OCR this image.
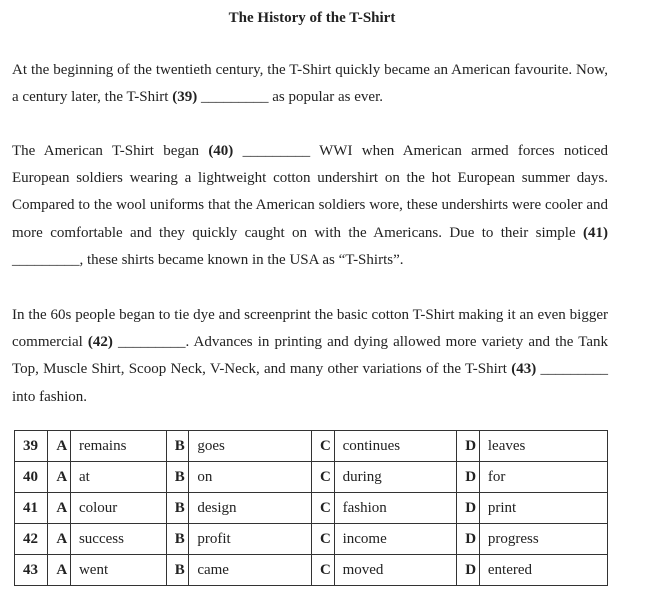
The History of the T-Shirt
At the beginning of the twentieth century, the T-Shirt quickly became an American favourite. Now, a century later, the T-Shirt (39) _________ as popular as ever.
The American T-Shirt began (40) _________ WWI when American armed forces noticed European soldiers wearing a lightweight cotton undershirt on the hot European summer days. Compared to the wool uniforms that the American soldiers wore, these undershirts were cooler and more comfortable and they quickly caught on with the Americans. Due to their simple (41) _________, these shirts became known in the USA as “T-Shirts”.
In the 60s people began to tie dye and screenprint the basic cotton T-Shirt making it an even bigger commercial (42) _________. Advances in printing and dying allowed more variety and the Tank Top, Muscle Shirt, Scoop Neck, V-Neck, and many other variations of the T-Shirt (43) _________ into fashion.
39	A	remains	B	goes	C	continues	D	leaves
40	A	at	B	on	C	during	D	for
41	A	colour	B	design	C	fashion	D	print
42	A	success	B	profit	C	income	D	progress
43	A	went	B	came	C	moved	D	entered
